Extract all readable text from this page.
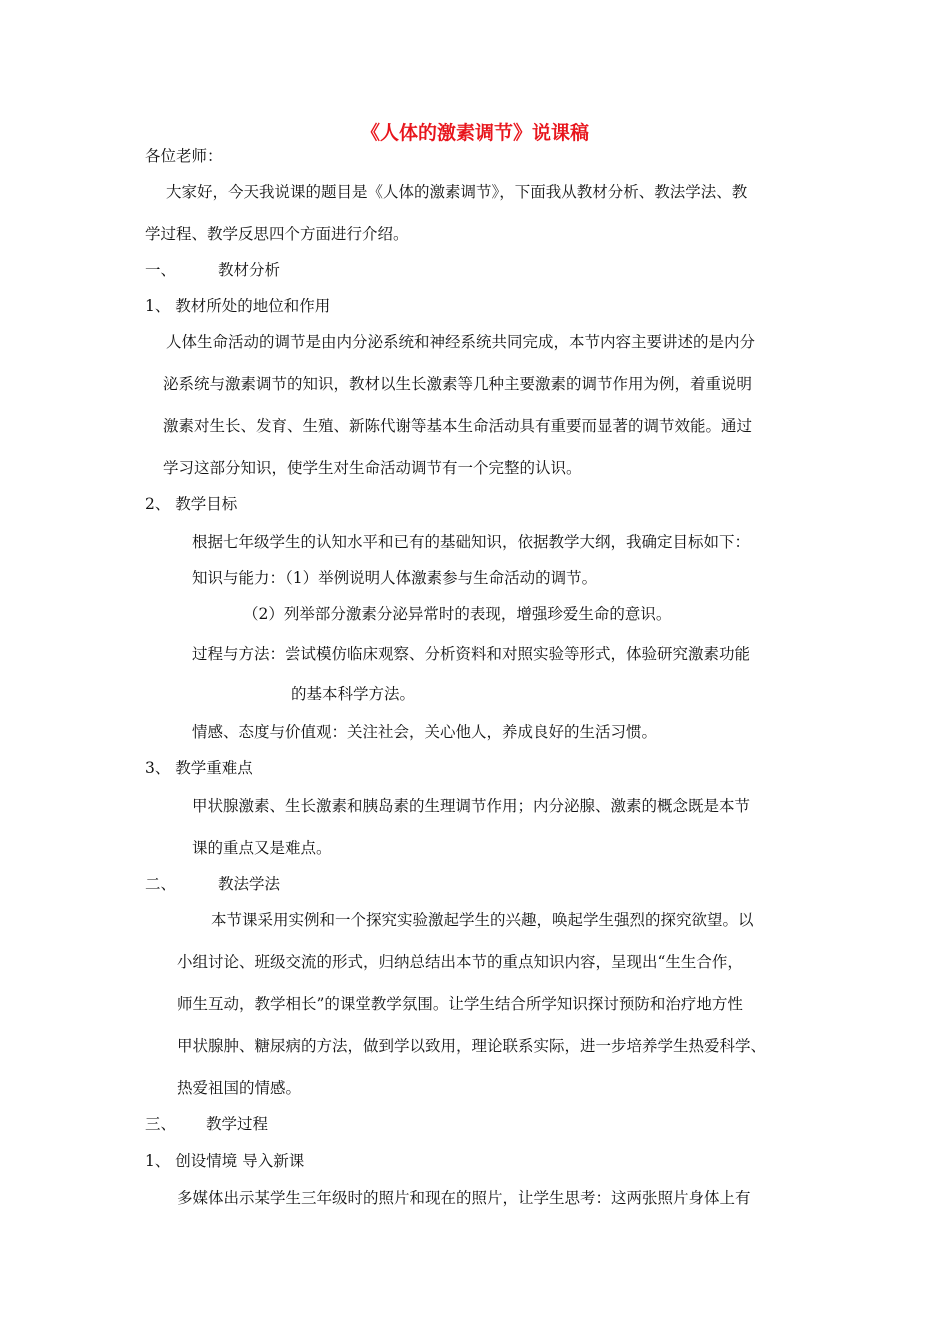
《人体的激素调节》说课稿
各位老师：
大家好，今天我说课的题目是《人体的激素调节》，下面我从教材分析、教法学法、教
学过程、教学反思四个方面进行介绍。
一、	教材分析
1、 教材所处的地位和作用
人体生命活动的调节是由内分泌系统和神经系统共同完成，本节内容主要讲述的是内分
泌系统与激素调节的知识，教材以生长激素等几种主要激素的调节作用为例，着重说明
激素对生长、发育、生殖、新陈代谢等基本生命活动具有重要而显著的调节效能。通过
学习这部分知识，使学生对生命活动调节有一个完整的认识。
2、 教学目标
根据七年级学生的认知水平和已有的基础知识，依据教学大纲，我确定目标如下：
知识与能力：（1）举例说明人体激素参与生命活动的调节。
（2）列举部分激素分泌异常时的表现，增强珍爱生命的意识。
过程与方法：尝试模仿临床观察、分析资料和对照实验等形式，体验研究激素功能
的基本科学方法。
情感、态度与价值观：关注社会，关心他人，养成良好的生活习惯。
3、 教学重难点
甲状腺激素、生长激素和胰岛素的生理调节作用；内分泌腺、激素的概念既是本节
课的重点又是难点。
二、	教法学法
本节课采用实例和一个探究实验激起学生的兴趣，唤起学生强烈的探究欲望。以
小组讨论、班级交流的形式，归纳总结出本节的重点知识内容，呈现出“生生合作，
师生互动，教学相长”的课堂教学氛围。让学生结合所学知识探讨预防和治疗地方性
甲状腺肿、糖尿病的方法，做到学以致用，理论联系实际，进一步培养学生热爱科学、
热爱祖国的情感。
三、 教学过程
1、 创设情境 导入新课
多媒体出示某学生三年级时的照片和现在的照片，让学生思考：这两张照片身体上有
